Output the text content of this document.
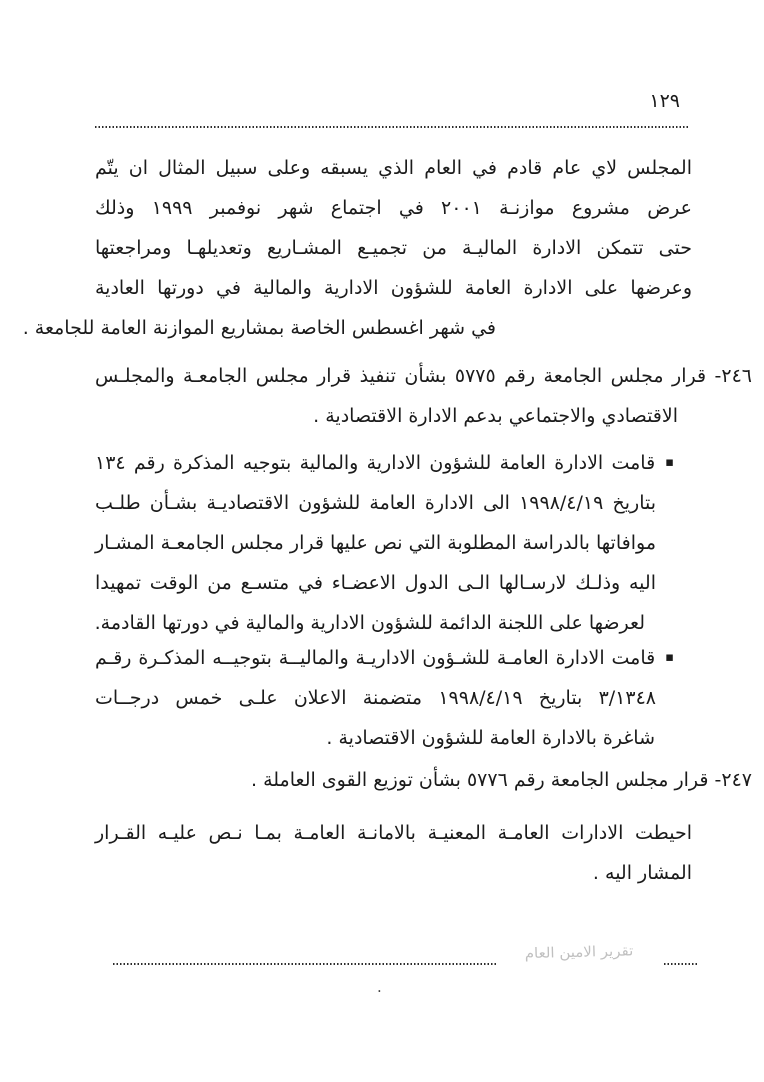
١٢٩
المجلس لاي عام قادم في العام الذي يسبقه وعلى سبيل المثال ان يتّم
عرض مشروع موازنـة ٢٠٠١ في اجتماع شهر نوفمبر ١٩٩٩ وذلك
حتى تتمكن الادارة الماليـة من تجميـع المشـاريع وتعديلهـا ومراجعتها
وعرضها على الادارة العامة للشؤون الادارية والمالية في دورتها العادية
في شهر اغسطس الخاصة بمشاريع الموازنة العامة للجامعة .
٢٤٦- قرار مجلس الجامعة رقم ٥٧٧٥ بشأن تنفيذ قرار مجلس الجامعـة والمجلـس
الاقتصادي والاجتماعي بدعم الادارة الاقتصادية .
▪
قامت الادارة العامة للشؤون الادارية والمالية بتوجيه المذكرة رقم ١٣٤
بتاريخ ١٩٩٨/٤/١٩ الى الادارة العامة للشؤون الاقتصاديـة بشـأن طلـب
موافاتها بالدراسة المطلوبة التي نص عليها قرار مجلس الجامعـة المشـار
اليه وذلـك لارسـالها الـى الدول الاعضـاء في متسـع من الوقت تمهيدا
لعرضها على اللجنة الدائمة للشؤون الادارية والمالية في دورتها القادمة.
▪
قامت الادارة العامـة للشـؤون الاداريـة والماليــة بتوجيــه المذكـرة رقـم
٣/١٣٤٨ بتاريخ ١٩٩٨/٤/١٩ متضمنة الاعلان علـى خمس درجــات
شاغرة بالادارة العامة للشؤون الاقتصادية .
٢٤٧- قرار مجلس الجامعة رقم ٥٧٧٦ بشأن توزيع القوى العاملة .
احيطت الادارات العامـة المعنيـة بالامانـة العامـة بمـا نـص عليـه القـرار
المشار اليه .
تقرير الامين العام
.
